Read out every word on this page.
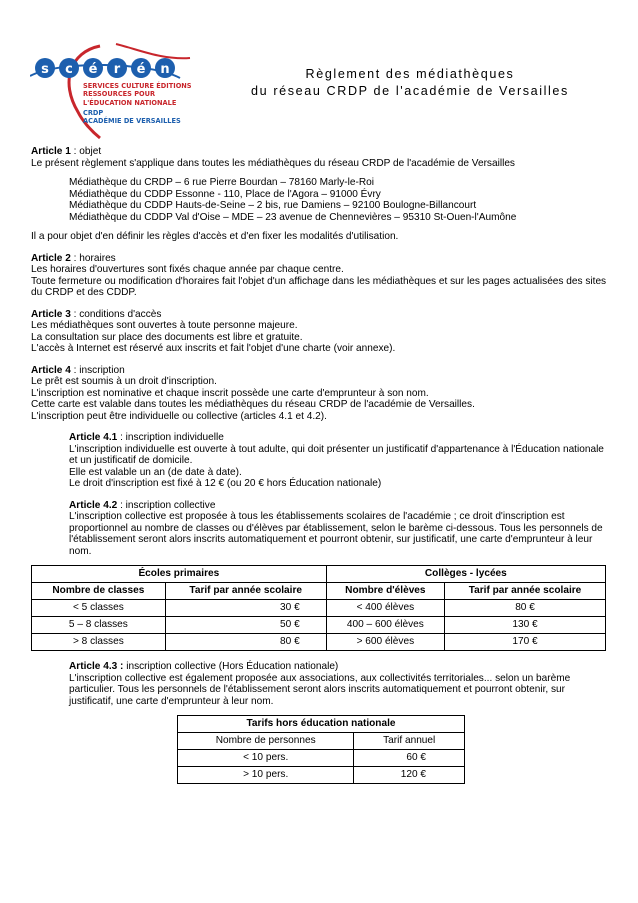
s c é r é n
SERVICES CULTURE ÉDITIONS
RESSOURCES POUR
L'ÉDUCATION NATIONALE
CRDP
ACADÉMIE DE VERSAILLES
Règlement des médiathèques
du réseau CRDP de l'académie de Versailles

Article 1 : objet

Le présent règlement s'applique dans toutes les médiathèques du réseau CRDP de l'académie de Versailles

Médiathèque du CRDP – 6 rue Pierre Bourdan – 78160 Marly-le-Roi

Médiathèque du CDDP Essonne - 110, Place de l'Agora – 91000 Évry

Médiathèque du CDDP Hauts-de-Seine – 2 bis, rue Damiens – 92100 Boulogne-Billancourt

Médiathèque du CDDP Val d'Oise – MDE – 23 avenue de Chennevières – 95310 St-Ouen-l'Aumône

Il a pour objet d'en définir les règles d'accès et d'en fixer les modalités d'utilisation.

Article 2 : horaires

Les horaires d'ouvertures sont fixés chaque année par chaque centre.

Toute fermeture ou modification d'horaires fait l'objet d'un affichage dans les médiathèques et sur les pages actualisées des sites du CRDP et des CDDP.

Article 3 : conditions d'accès

Les médiathèques sont ouvertes à toute personne majeure.

La consultation sur place des documents est libre et gratuite.

L'accès à Internet est réservé aux inscrits et fait l'objet d'une charte (voir annexe).

Article 4 : inscription

Le prêt est soumis à un droit d'inscription.

L'inscription est nominative et chaque inscrit possède une carte d'emprunteur à son nom.

Cette carte est valable dans toutes les médiathèques du réseau CRDP de l'académie de Versailles.

L'inscription peut être individuelle ou collective (articles 4.1 et 4.2).

Article 4.1 : inscription individuelle

L'inscription individuelle est ouverte à tout adulte, qui doit présenter un justificatif d'appartenance à l'Éducation nationale et un justificatif de domicile.

Elle est valable un an (de date à date).

Le droit d'inscription est fixé à 12 € (ou 20 € hors Éducation nationale)

Article 4.2 : inscription collective

L'inscription collective est proposée à tous les établissements scolaires de l'académie ; ce droit d'inscription est proportionnel au nombre de classes ou d'élèves par établissement, selon le barème ci-dessous. Tous les personnels de l'établissement seront alors inscrits automatiquement et pourront obtenir, sur justificatif, une carte d'emprunteur à leur nom.

Écoles primaires		Collèges - lycées	
Nombre de classes	Tarif par année scolaire	Nombre d'élèves	Tarif par année scolaire
< 5 classes	30 €	< 400 élèves	80 €
5 – 8 classes	50 €	400 – 600 élèves	130 €
> 8 classes	80 €	> 600 élèves	170 €

Article 4.3 : inscription collective (Hors Éducation nationale)

L'inscription collective est également proposée aux associations, aux collectivités territoriales... selon un barème particulier. Tous les personnels de l'établissement seront alors inscrits automatiquement et pourront obtenir, sur justificatif, une carte d'emprunteur à leur nom.

Tarifs hors éducation nationale	
Nombre de personnes	Tarif annuel
< 10 pers.	60 €
> 10 pers.	120 €
